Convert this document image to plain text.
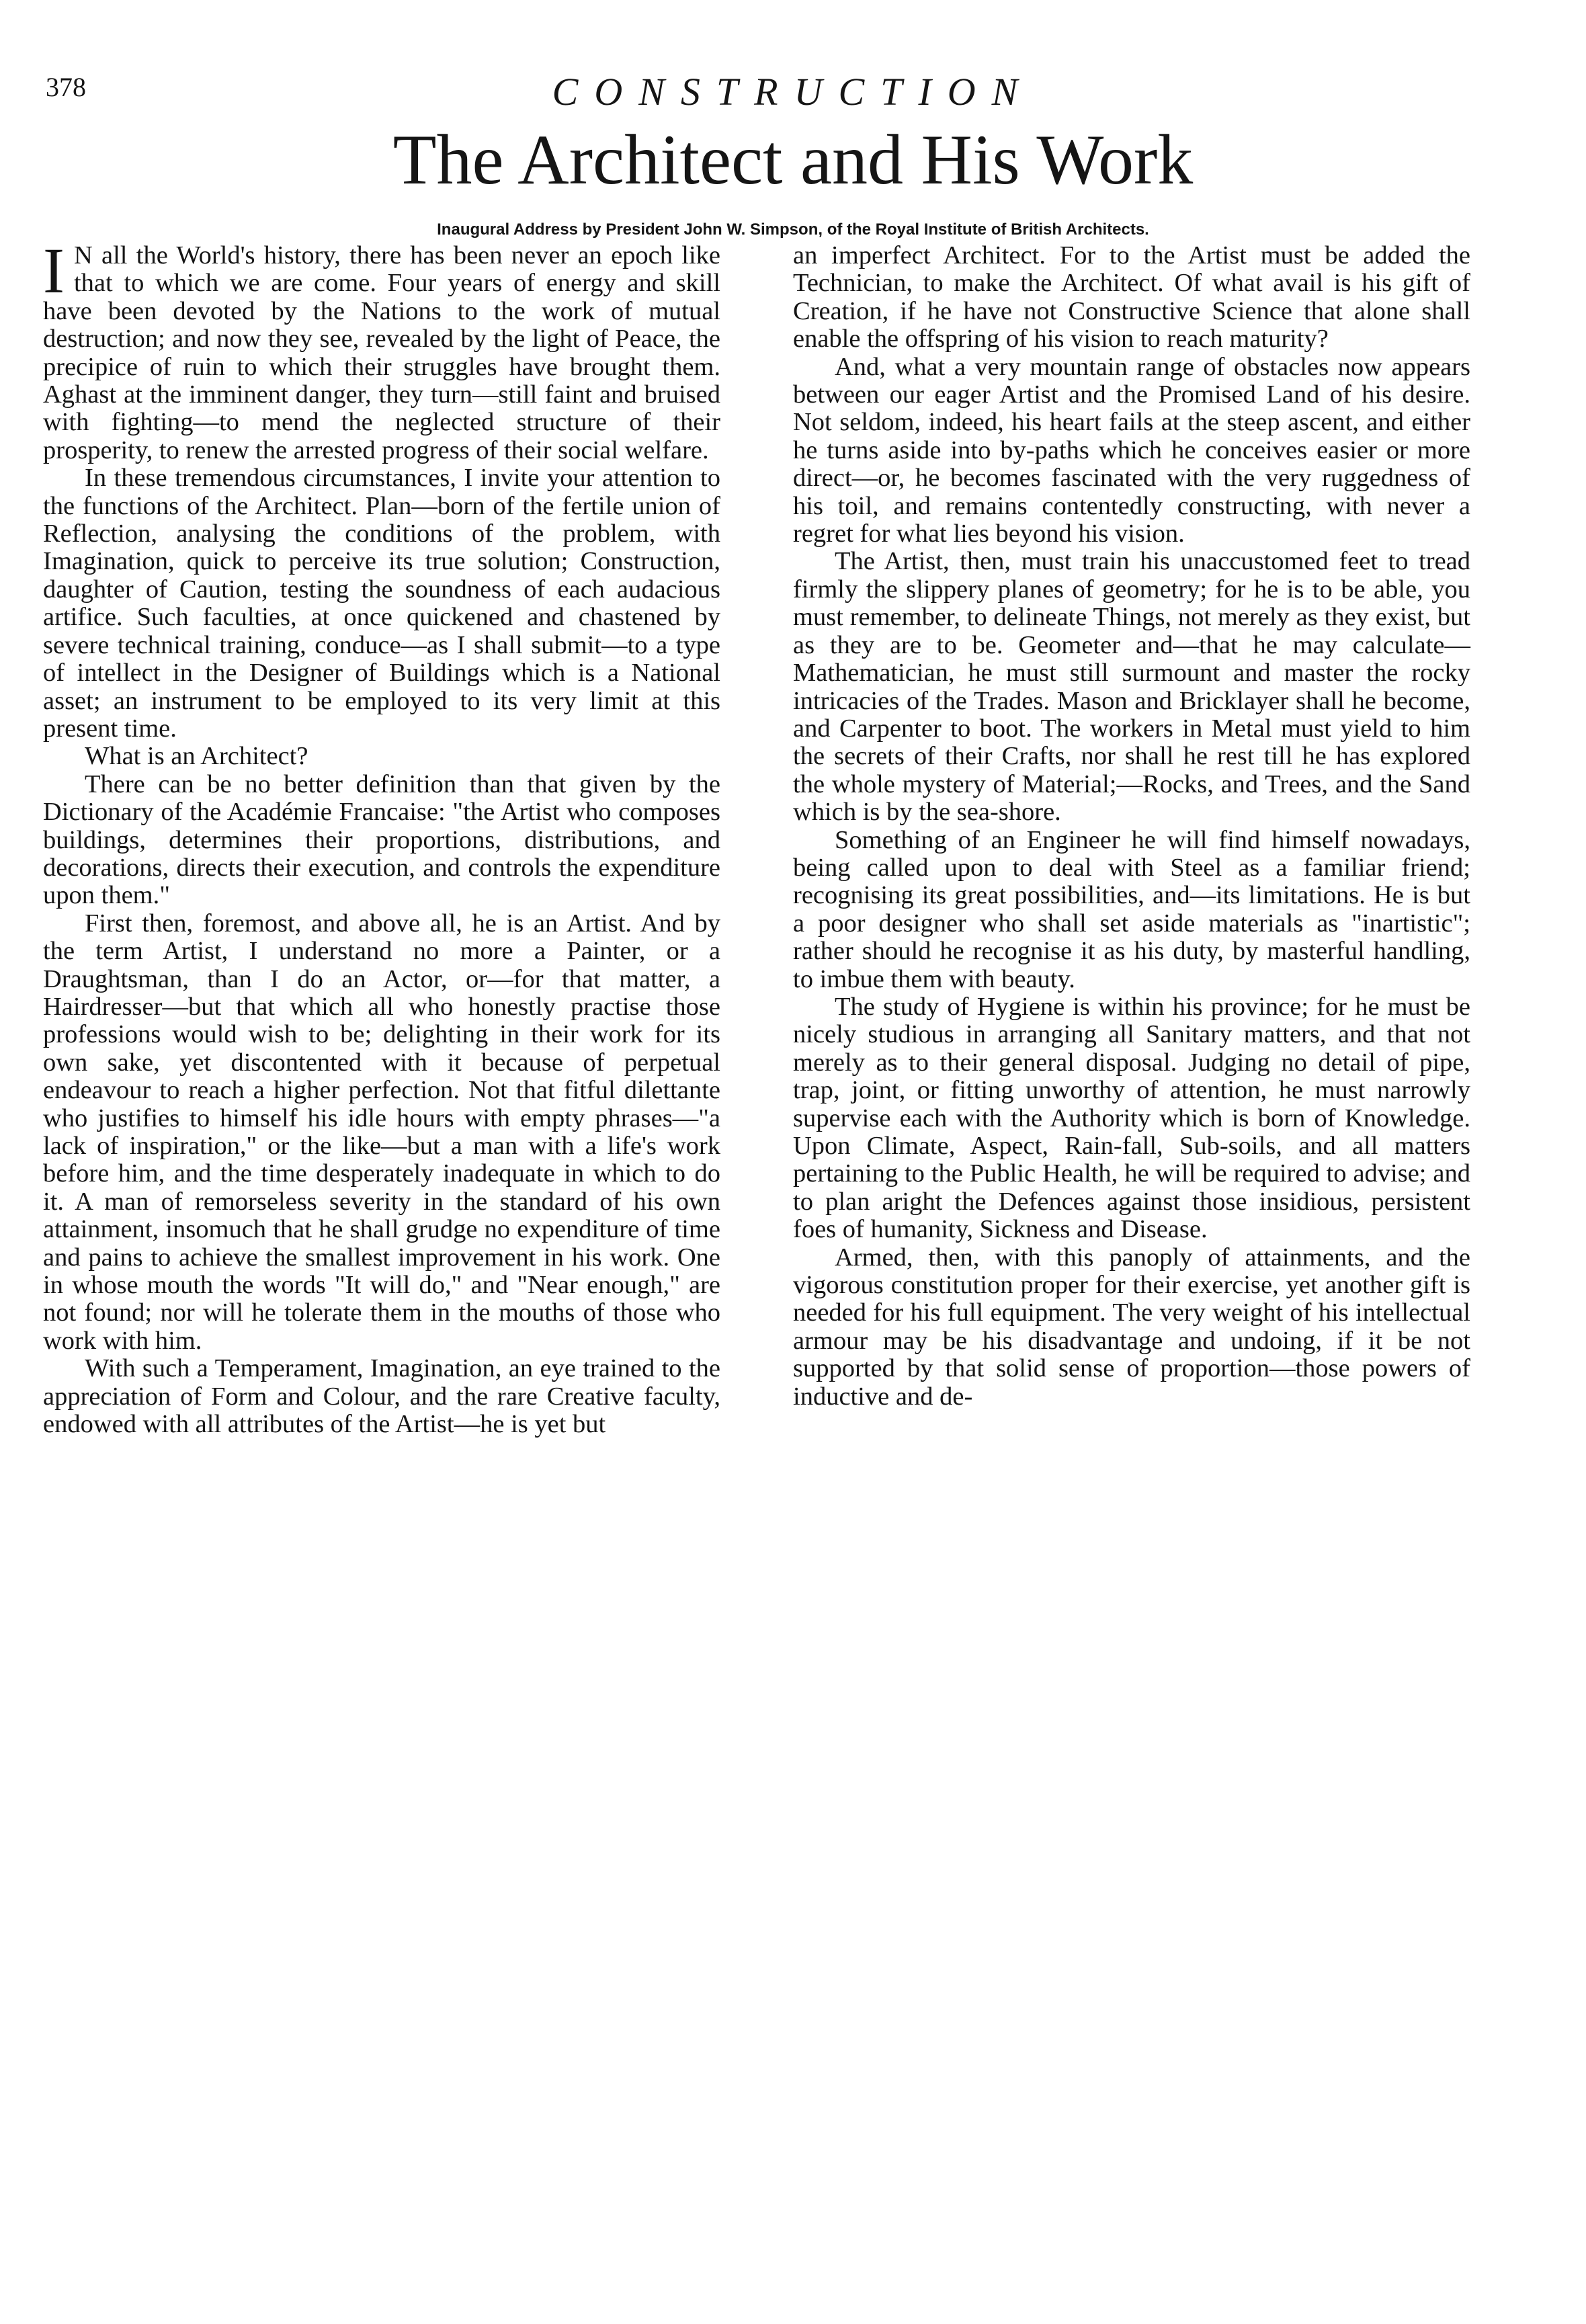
378	CONSTRUCTION
The Architect and His Work
Inaugural Address by President John W. Simpson, of the Royal Institute of British Architects.

I N all the World's history, there has been never an epoch like that to which we are come. Four years of energy and skill have been devoted by the Nations to the work of mutual destruction; and now they see, revealed by the light of Peace, the precipice of ruin to which their struggles have brought them. Aghast at the imminent danger, they turn—still faint and bruised with fighting—to mend the neglected structure of their prosperity, to renew the arrested progress of their social welfare.

In these tremendous circumstances, I invite your attention to the functions of the Architect. Plan—born of the fertile union of Reflection, analysing the conditions of the problem, with Imagination, quick to perceive its true solution; Construction, daughter of Caution, testing the soundness of each audacious artifice. Such faculties, at once quickened and chastened by severe technical training, conduce—as I shall submit—to a type of intellect in the Designer of Buildings which is a National asset; an instrument to be employed to its very limit at this present time.

What is an Architect?

There can be no better definition than that given by the Dictionary of the Académie Francaise: "the Artist who composes buildings, determines their proportions, distributions, and decorations, directs their execution, and controls the expenditure upon them."

First then, foremost, and above all, he is an Artist. And by the term Artist, I understand no more a Painter, or a Draughtsman, than I do an Actor, or—for that matter, a Hairdresser—but that which all who honestly practise those professions would wish to be; delighting in their work for its own sake, yet discontented with it because of perpetual endeavour to reach a higher perfection. Not that fitful dilettante who justifies to himself his idle hours with empty phrases—"a lack of inspiration," or the like—but a man with a life's work before him, and the time desperately inadequate in which to do it. A man of remorseless severity in the standard of his own attainment, insomuch that he shall grudge no expenditure of time and pains to achieve the smallest improvement in his work. One in whose mouth the words "It will do," and "Near enough," are not found; nor will he tolerate them in the mouths of those who work with him.

With such a Temperament, Imagination, an eye trained to the appreciation of Form and Colour, and the rare Creative faculty, endowed with all attributes of the Artist—he is yet but

an imperfect Architect. For to the Artist must be added the Technician, to make the Architect. Of what avail is his gift of Creation, if he have not Constructive Science that alone shall enable the offspring of his vision to reach maturity?

And, what a very mountain range of obstacles now appears between our eager Artist and the Promised Land of his desire. Not seldom, indeed, his heart fails at the steep ascent, and either he turns aside into by-paths which he conceives easier or more direct—or, he becomes fascinated with the very ruggedness of his toil, and remains contentedly constructing, with never a regret for what lies beyond his vision.

The Artist, then, must train his unaccustomed feet to tread firmly the slippery planes of geometry; for he is to be able, you must remember, to delineate Things, not merely as they exist, but as they are to be. Geometer and—that he may calculate—Mathematician, he must still surmount and master the rocky intricacies of the Trades. Mason and Bricklayer shall he become, and Carpenter to boot. The workers in Metal must yield to him the secrets of their Crafts, nor shall he rest till he has explored the whole mystery of Material;—Rocks, and Trees, and the Sand which is by the sea-shore.

Something of an Engineer he will find himself nowadays, being called upon to deal with Steel as a familiar friend; recognising its great possibilities, and—its limitations. He is but a poor designer who shall set aside materials as "inartistic"; rather should he recognise it as his duty, by masterful handling, to imbue them with beauty.

The study of Hygiene is within his province; for he must be nicely studious in arranging all Sanitary matters, and that not merely as to their general disposal. Judging no detail of pipe, trap, joint, or fitting unworthy of attention, he must narrowly supervise each with the Authority which is born of Knowledge. Upon Climate, Aspect, Rain-fall, Sub-soils, and all matters pertaining to the Public Health, he will be required to advise; and to plan aright the Defences against those insidious, persistent foes of humanity, Sickness and Disease.

Armed, then, with this panoply of attainments, and the vigorous constitution proper for their exercise, yet another gift is needed for his full equipment. The very weight of his intellectual armour may be his disadvantage and undoing, if it be not supported by that solid sense of proportion—those powers of inductive and de-
